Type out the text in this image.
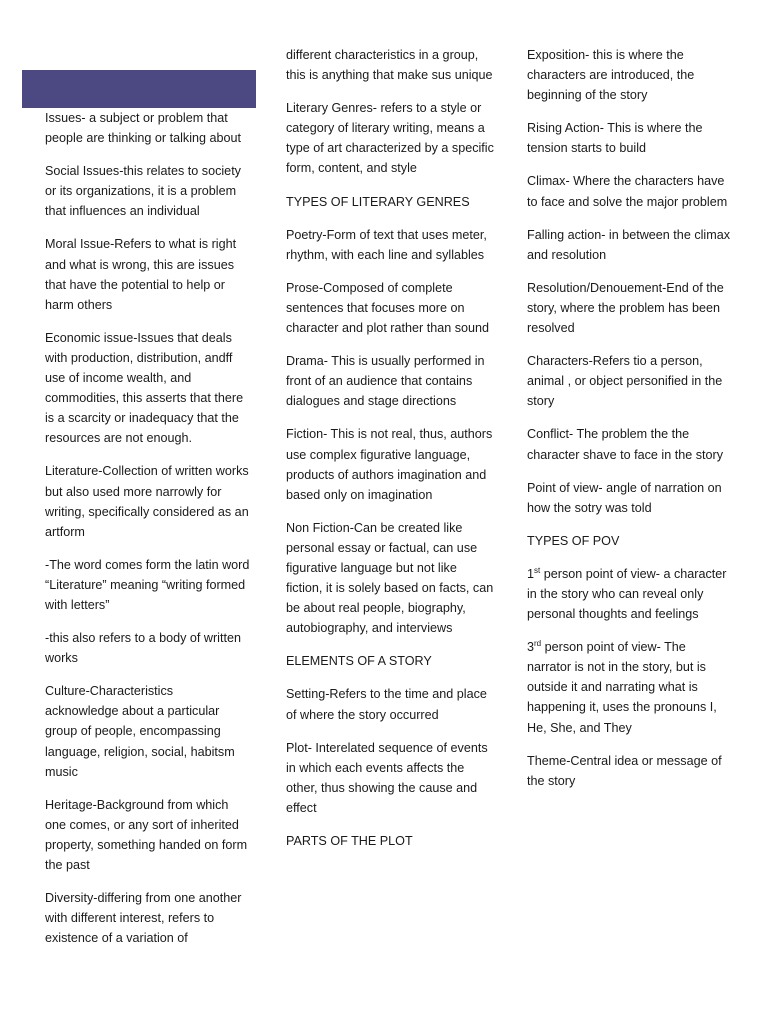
Issues- a subject or problem that people are thinking or talking about

Social Issues-this relates to society or its organizations, it is a problem that influences an individual

Moral Issue-Refers to what is right and what is wrong, this are issues that have the potential to help or harm others

Economic issue-Issues that deals with production, distribution, andff use of income wealth, and commodities, this asserts that there is a scarcity or inadequacy that the resources are not enough.

Literature-Collection of written works but also used more narrowly for writing, specifically considered as an artform

-The word comes form the latin word “Literature” meaning “writing formed with letters”

-this also refers to a body of written works

Culture-Characteristics acknowledge about a particular group of people, encompassing language, religion, social, habitsm music

Heritage-Background from which one comes, or any sort of inherited property, something handed on form the past

Diversity-differing from one another with different interest, refers to existence of a variation of

different characteristics in a group, this is anything that make sus unique

Literary Genres- refers to a style or category of literary writing, means a type of art characterized by a specific form, content, and style

TYPES OF LITERARY GENRES

Poetry-Form of text that uses meter, rhythm, with each line and syllables

Prose-Composed of complete sentences that focuses more on character and plot rather than sound

Drama- This is usually performed in front of an audience that contains dialogues and stage directions

Fiction- This is not real, thus, authors use complex figurative language, products of authors imagination and based only on imagination

Non Fiction-Can be created like personal essay or factual, can use figurative language but not like fiction, it is solely based on facts, can be about real people, biography, autobiography, and interviews

ELEMENTS OF A STORY

Setting-Refers to the time and place of where the story occurred

Plot- Interelated sequence of events in which each events affects the other, thus showing the cause and effect

PARTS OF THE PLOT

Exposition- this is where the characters are introduced, the beginning of the story

Rising Action- This is where the tension starts to build

Climax- Where the characters have to face and solve the major problem

Falling action- in between the climax and resolution

Resolution/Denouement-End of the story, where the problem has been resolved

Characters-Refers tio a person, animal , or object personified in the story

Conflict- The problem the the character shave to face in the story

Point of view- angle of narration on how the sotry was told

TYPES OF POV

1st person point of view- a character in the story who can reveal only personal thoughts and feelings

3rd person point of view- The narrator is not in the story, but is outside it and narrating what is happening it, uses the pronouns I, He, She, and They

Theme-Central idea or message of the story
